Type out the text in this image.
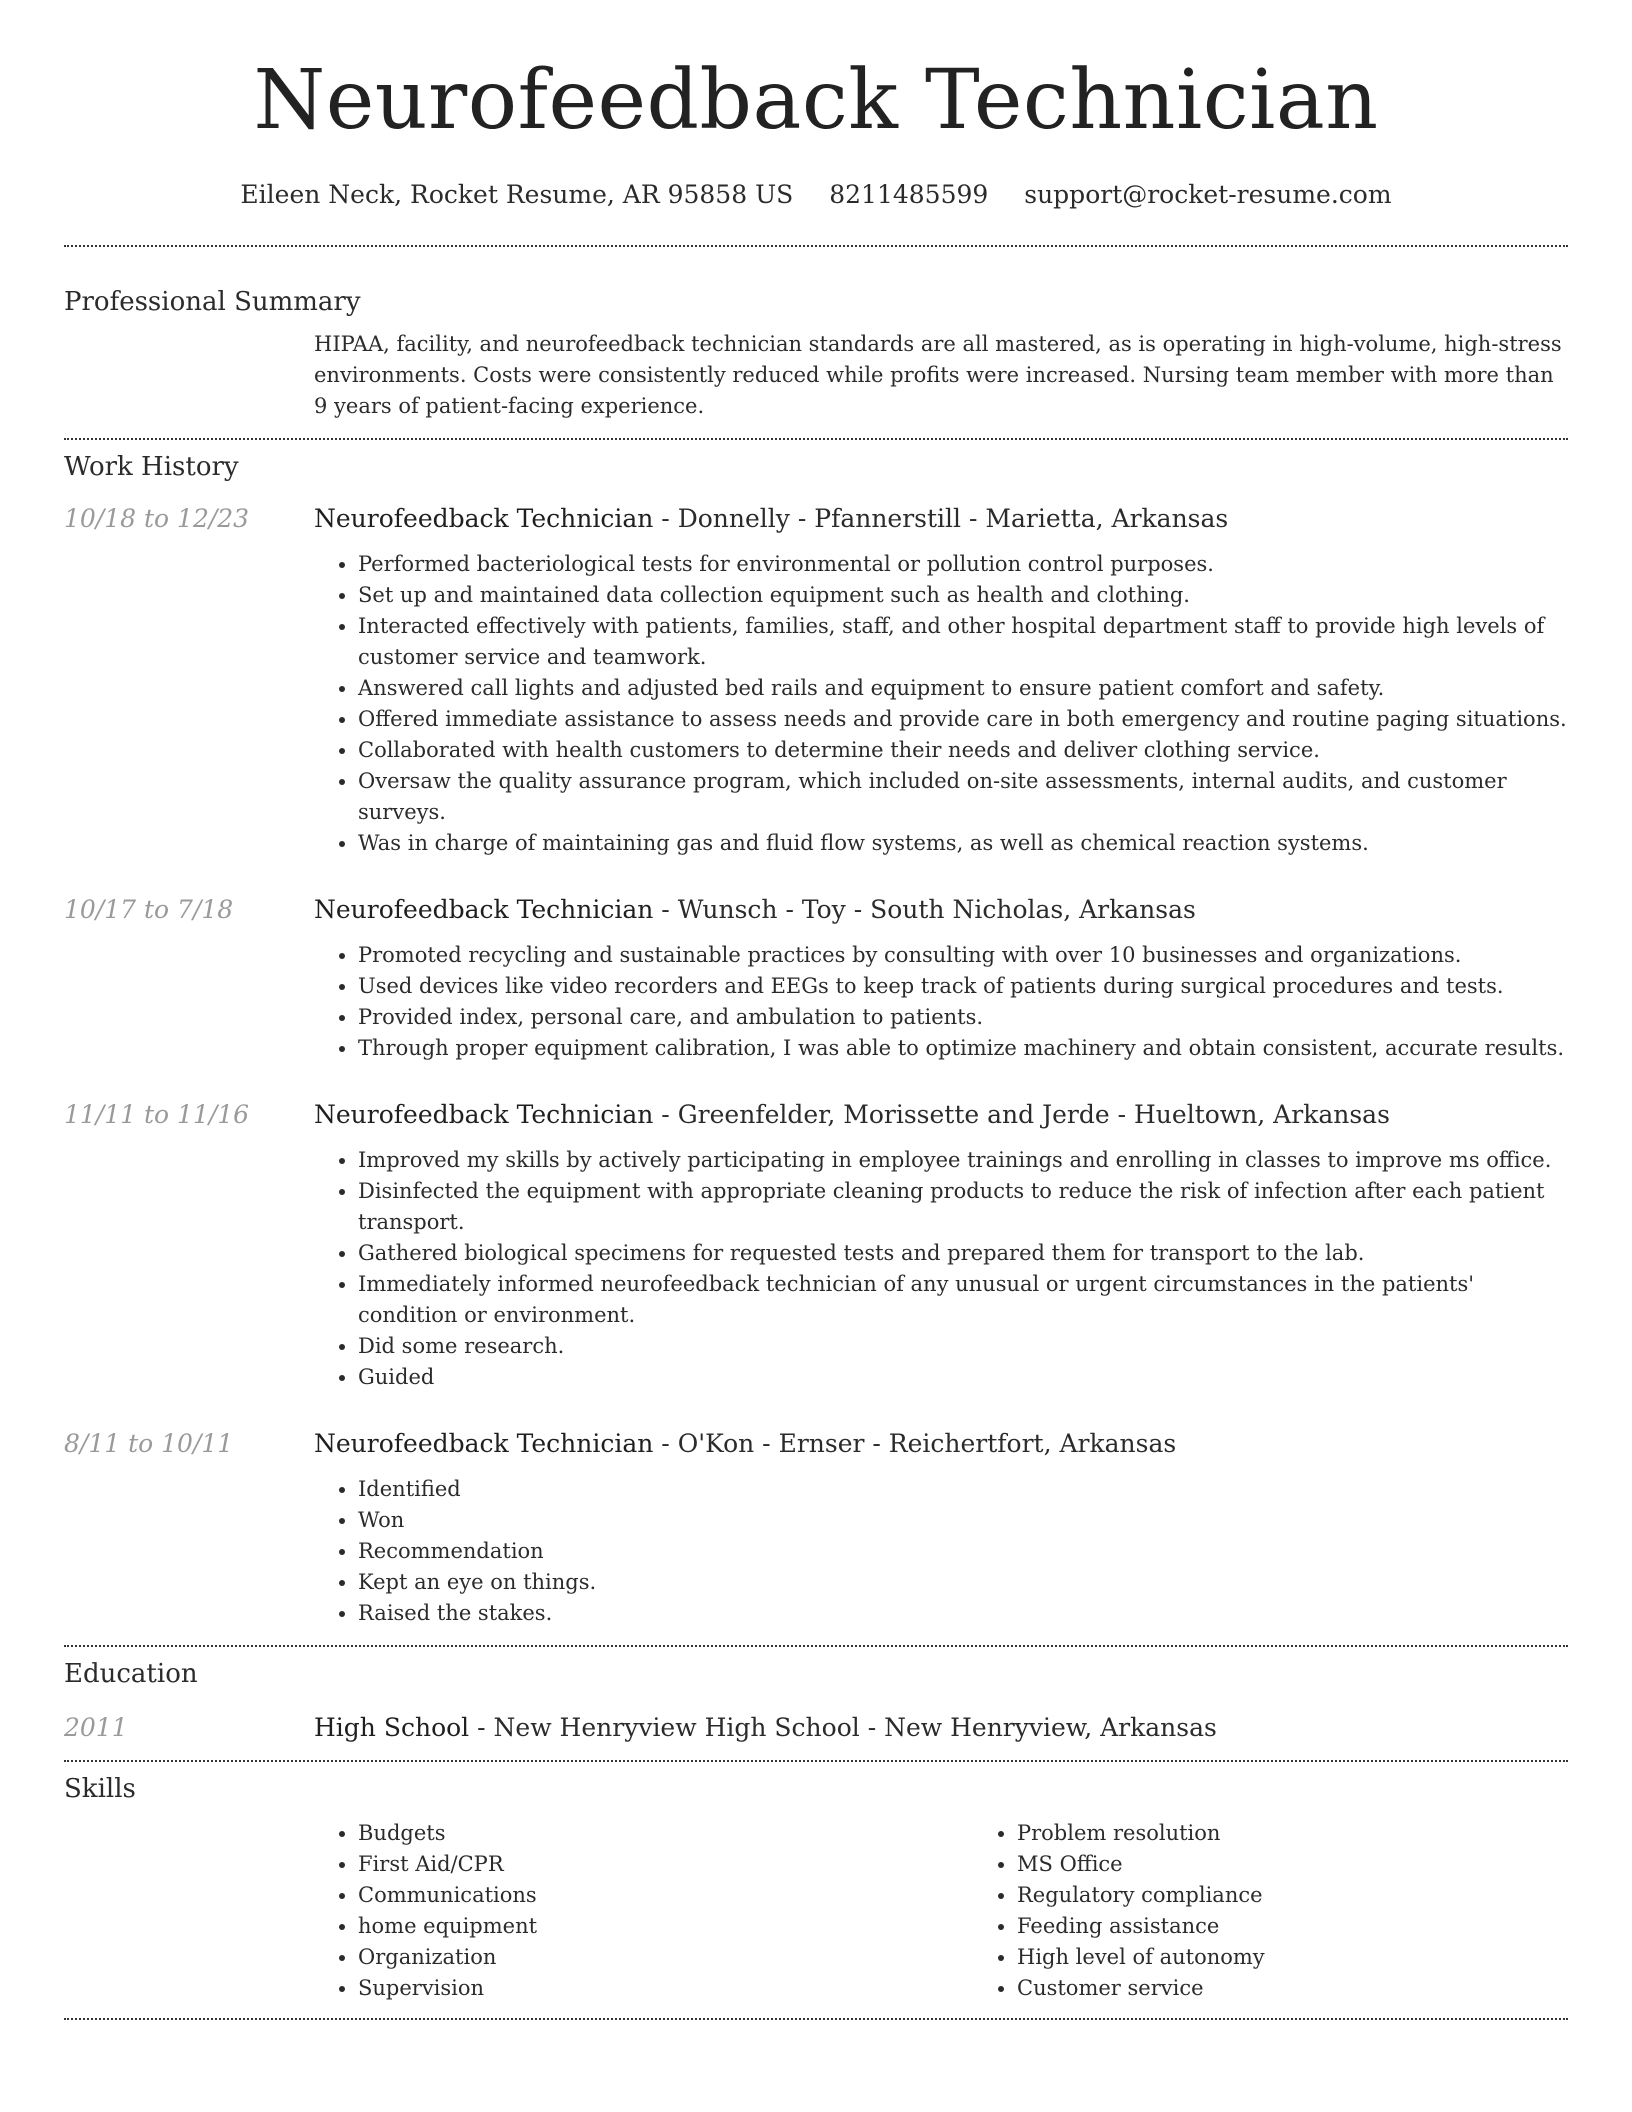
Neurofeedback Technician
Eileen Neck, Rocket Resume, AR 95858 US 8211485599 support@rocket-resume.com
Professional Summary
HIPAA, facility, and neurofeedback technician standards are all mastered, as is operating in high-volume, high-stress environments. Costs were consistently reduced while profits were increased. Nursing team member with more than 9 years of patient-facing experience.
Work History
10/18 to 12/23	Neurofeedback Technician - Donnelly - Pfannerstill - Marietta, Arkansas
• Performed bacteriological tests for environmental or pollution control purposes.
• Set up and maintained data collection equipment such as health and clothing.
• Interacted effectively with patients, families, staff, and other hospital department staff to provide high levels of customer service and teamwork.
• Answered call lights and adjusted bed rails and equipment to ensure patient comfort and safety.
• Offered immediate assistance to assess needs and provide care in both emergency and routine paging situations.
• Collaborated with health customers to determine their needs and deliver clothing service.
• Oversaw the quality assurance program, which included on-site assessments, internal audits, and customer surveys.
• Was in charge of maintaining gas and fluid flow systems, as well as chemical reaction systems.
10/17 to 7/18	Neurofeedback Technician - Wunsch - Toy - South Nicholas, Arkansas
• Promoted recycling and sustainable practices by consulting with over 10 businesses and organizations.
• Used devices like video recorders and EEGs to keep track of patients during surgical procedures and tests.
• Provided index, personal care, and ambulation to patients.
• Through proper equipment calibration, I was able to optimize machinery and obtain consistent, accurate results.
11/11 to 11/16	Neurofeedback Technician - Greenfelder, Morissette and Jerde - Hueltown, Arkansas
• Improved my skills by actively participating in employee trainings and enrolling in classes to improve ms office.
• Disinfected the equipment with appropriate cleaning products to reduce the risk of infection after each patient transport.
• Gathered biological specimens for requested tests and prepared them for transport to the lab.
• Immediately informed neurofeedback technician of any unusual or urgent circumstances in the patients' condition or environment.
• Did some research.
• Guided
8/11 to 10/11	Neurofeedback Technician - O'Kon - Ernser - Reichertfort, Arkansas
• Identified
• Won
• Recommendation
• Kept an eye on things.
• Raised the stakes.
Education
2011	High School - New Henryview High School - New Henryview, Arkansas
Skills
• Budgets
• First Aid/CPR
• Communications
• home equipment
• Organization
• Supervision
• Problem resolution
• MS Office
• Regulatory compliance
• Feeding assistance
• High level of autonomy
• Customer service
